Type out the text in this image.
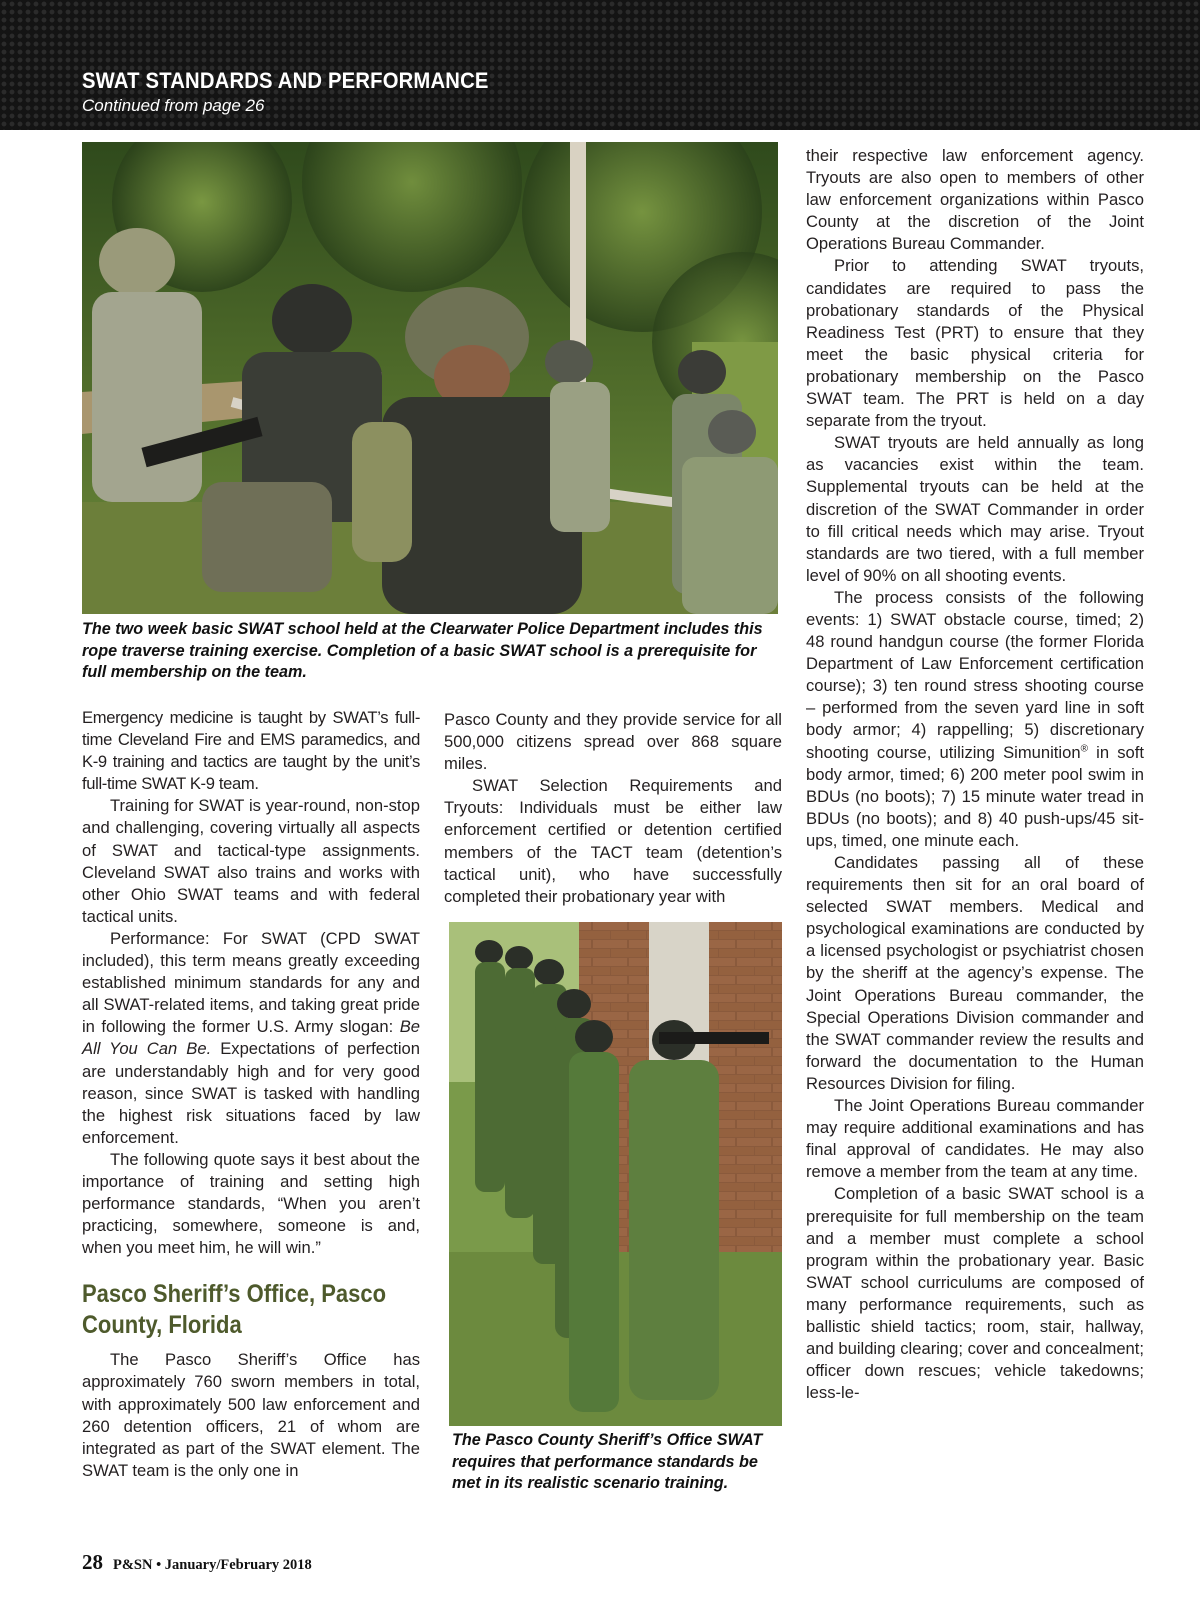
SWAT STANDARDS AND PERFORMANCE
Continued from page 26
The two week basic SWAT school held at the Clearwater Police Department includes this rope traverse training exercise. Completion of a basic SWAT school is a prerequisite for full membership on the team.

Emergency medicine is taught by SWAT’s full-time Cleveland Fire and EMS paramedics, and K-9 training and tactics are taught by the unit’s full-time SWAT K-9 team.

Training for SWAT is year-round, non-stop and challenging, covering virtually all aspects of SWAT and tactical-type assignments. Cleveland SWAT also trains and works with other Ohio SWAT teams and with federal tactical units.

Performance: For SWAT (CPD SWAT included), this term means greatly exceeding established minimum standards for any and all SWAT-related items, and taking great pride in following the former U.S. Army slogan: Be All You Can Be. Expectations of perfection are understandably high and for very good reason, since SWAT is tasked with handling the highest risk situations faced by law enforcement.

The following quote says it best about the importance of training and setting high performance standards, “When you aren’t practicing, somewhere, someone is and, when you meet him, he will win.”

Pasco Sheriff’s Office, Pasco County, Florida

The Pasco Sheriff’s Office has approximately 760 sworn members in total, with approximately 500 law enforcement and 260 detention officers, 21 of whom are integrated as part of the SWAT element. The SWAT team is the only one in

Pasco County and they provide service for all 500,000 citizens spread over 868 square miles.

SWAT Selection Requirements and Tryouts: Individuals must be either law enforcement certified or detention certified members of the TACT team (detention’s tactical unit), who have successfully completed their probationary year with

The Pasco County Sheriff’s Office SWAT requires that performance standards be met in its realistic scenario training.

their respective law enforcement agency. Tryouts are also open to members of other law enforcement organizations within Pasco County at the discretion of the Joint Operations Bureau Commander.

Prior to attending SWAT tryouts, candidates are required to pass the probationary standards of the Physical Readiness Test (PRT) to ensure that they meet the basic physical criteria for probationary membership on the Pasco SWAT team. The PRT is held on a day separate from the tryout.

SWAT tryouts are held annually as long as vacancies exist within the team. Supplemental tryouts can be held at the discretion of the SWAT Commander in order to fill critical needs which may arise. Tryout standards are two tiered, with a full member level of 90% on all shooting events.

The process consists of the following events: 1) SWAT obstacle course, timed; 2) 48 round handgun course (the former Florida Department of Law Enforcement certification course); 3) ten round stress shooting course – performed from the seven yard line in soft body armor; 4) rappelling; 5) discretionary shooting course, utilizing Simunition® in soft body armor, timed; 6) 200 meter pool swim in BDUs (no boots); 7) 15 minute water tread in BDUs (no boots); and 8) 40 push-ups/45 sit-ups, timed, one minute each.

Candidates passing all of these requirements then sit for an oral board of selected SWAT members. Medical and psychological examinations are conducted by a licensed psychologist or psychiatrist chosen by the sheriff at the agency’s expense. The Joint Operations Bureau commander, the Special Operations Division commander and the SWAT commander review the results and forward the documentation to the Human Resources Division for filing.

The Joint Operations Bureau commander may require additional examinations and has final approval of candidates. He may also remove a member from the team at any time.

Completion of a basic SWAT school is a prerequisite for full membership on the team and a member must complete a school program within the probationary year. Basic SWAT school curriculums are composed of many performance requirements, such as ballistic shield tactics; room, stair, hallway, and building clearing; cover and concealment; officer down rescues; vehicle takedowns; less-le-

28 P&SN • January/February 2018
